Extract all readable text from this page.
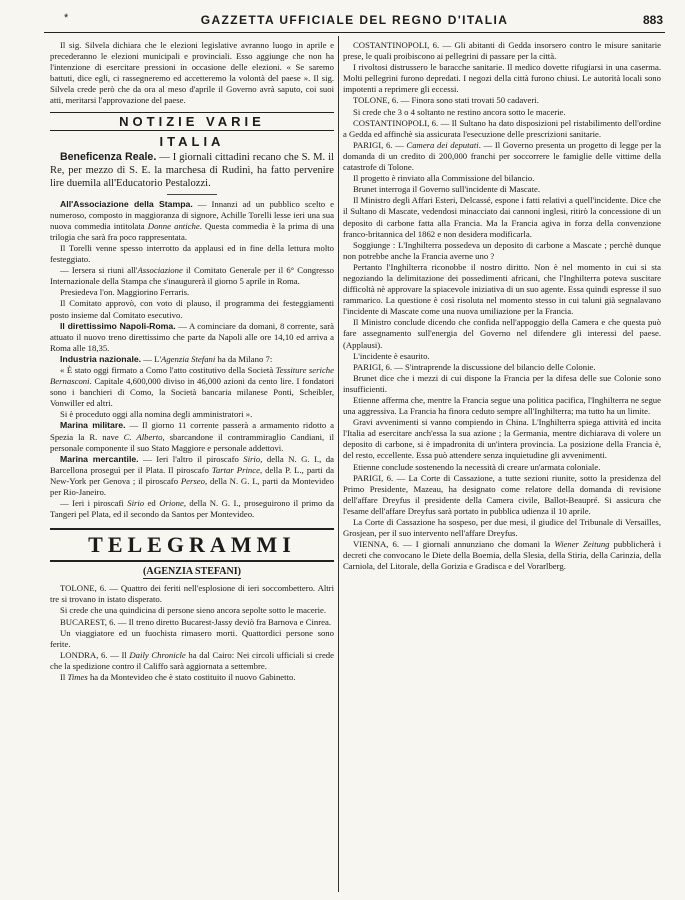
*	GAZZETTA UFFICIALE DEL REGNO D'ITALIA	883

Il sig. Silvela dichiara che le elezioni legislative avranno luogo in aprile e precederanno le elezioni municipali e provinciali. Esso aggiunge che non ha l'intenzione di esercitare pressioni in occasione delle elezioni. « Se saremo battuti, dice egli, ci rassegneremo ed accetteremo la volontà del paese ». Il sig. Silvela crede però che da ora al meso d'aprile il Governo avrà saputo, coi suoi atti, meritarsi l'approvazione del paese.

NOTIZIE VARIE
ITALIA

Beneficenza Reale. — I giornali cittadini recano che S. M. il Re, per mezzo di S. E. la marchesa di Rudinì, ha fatto pervenire lire duemila all'Educatorio Pestalozzi.

All'Associazione della Stampa. — Innanzi ad un pubblico scelto e numeroso, composto in maggioranza di signore, Achille Torelli lesse ieri una sua nuova commedia intitolata Donne antiche. Questa commedia è la prima di una trilogia che sarà fra poco rappresentata.

Il Torelli venne spesso interrotto da applausi ed in fine della lettura molto festeggiato.

— Iersera si riuni all'Associazione il Comitato Generale per il 6° Congresso Internazionale della Stampa che s'inaugurerà il giorno 5 aprile in Roma.

Presiedeva l'on. Maggiorino Ferraris.

Il Comitato approvò, con voto di plauso, il programma dei festeggiamenti posto insieme dal Comitato esecutivo.

Il direttissimo Napoli-Roma. — A cominciare da domani, 8 corrente, sarà attuato il nuovo treno direttissimo che parte da Napoli alle ore 14,10 ed arriva a Roma alle 18,35.

Industria nazionale. — L'Agenzia Stefani ha da Milano 7:

« È stato oggi firmato a Como l'atto costitutivo della Società Tessiture seriche Bernasconi. Capitale 4,600,000 diviso in 46,000 azioni da cento lire. I fondatori sono i banchieri di Como, la Società bancaria milanese Ponti, Scheibler, Vonwiller ed altri.

Si è proceduto oggi alla nomina degli amministratori ».

Marina militare. — Il giorno 11 corrente passerà a armamento ridotto a Spezia la R. nave C. Alberto, sbarcandone il contrammiraglio Candiani, il personale componente il suo Stato Maggiore e personale addettovi.

Marina mercantile. — Ieri l'altro il piroscafo Sirio, della N. G. I., da Barcellona proseguì per il Plata. Il piroscafo Tartar Prince, della P. L., parti da New-York per Genova ; il piroscafo Perseo, della N. G. I., parti da Montevideo per Rio-Janeiro.

— Ieri i piroscafi Sirio ed Orione, della N. G. I., proseguirono il primo da Tangeri pel Plata, ed il secondo da Santos per Montevideo.

TELEGRAMMI
(AGENZIA STEFANI)

TOLONE, 6. — Quattro dei feriti nell'esplosione di ieri soccombettero. Altri tre si trovano in istato disperato.

Si crede che una quindicina di persone sieno ancora sepolte sotto le macerie.

BUCAREST, 6. — Il treno diretto Bucarest-Jassy deviò fra Barnova e Cinrea.

Un viaggiatore ed un fuochista rimasero morti. Quattordici persone sono ferite.

LONDRA, 6. — Il Daily Chronicle ha dal Cairo: Nei circoli ufficiali si crede che la spedizione contro il Califfo sarà aggiornata a settembre.

Il Times ha da Montevideo che è stato costituito il nuovo Gabinetto.

COSTANTINOPOLI, 6. — Gli abitanti di Gedda insorsero contro le misure sanitarie prese, le quali proibiscono ai pellegrini di passare per la città.

I rivoltosi distrussero le baracche sanitarie. Il medico dovette rifugiarsi in una caserma. Molti pellegrini furono depredati. I negozi della città furono chiusi. Le autorità locali sono impotenti a reprimere gli eccessi.

TOLONE, 6. — Finora sono stati trovati 50 cadaveri.

Si crede che 3 o 4 soltanto ne restino ancora sotto le macerie.

COSTANTINOPOLI, 6. — Il Sultano ha dato disposizioni pel ristabilimento dell'ordine a Gedda ed affinchè sia assicurata l'esecuzione delle prescrizioni sanitarie.

PARIGI, 6. — Camera dei deputati. — Il Governo presenta un progetto di legge per la domanda di un credito di 200,000 franchi per soccorrere le famiglie delle vittime della catastrofe di Tolone.

Il progetto è rinviato alla Commissione del bilancio.

Brunet interroga il Governo sull'incidente di Mascate.

Il Ministro degli Affari Esteri, Delcassé, espone i fatti relativi a quell'incidente. Dice che il Sultano di Mascate, vedendosi minacciato dai cannoni inglesi, ritirò la concessione di un deposito di carbone fatta alla Francia. Ma la Francia agiva in forza della convenzione franco-britannica del 1862 e non desidera modificarla.

Soggiunge : L'Inghilterra possedeva un deposito di carbone a Mascate ; perchè dunque non potrebbe anche la Francia averne uno ?

Pertanto l'Inghilterra riconobbe il nostro diritto. Non è nel momento in cui si sta negoziando la delimitazione dei possedimenti africani, che l'Inghilterra poteva suscitare difficoltà nè approvare la spiacevole iniziativa di un suo agente. Essa quindi espresse il suo rammarico. La questione è così risoluta nel momento stesso in cui taluni già segnalavano l'incidente di Mascate come una nuova umiliazione per la Francia.

Il Ministro conclude dicendo che confida nell'appoggio della Camera e che questa può fare assegnamento sull'energia del Governo nel difendere gli interessi del paese. (Applausi).

L'incidente è esaurito.

PARIGI, 6. — S'intraprende la discussione del bilancio delle Colonie.

Brunet dice che i mezzi di cui dispone la Francia per la difesa delle sue Colonie sono insufficienti.

Etienne afferma che, mentre la Francia segue una politica pacifica, l'Inghilterra ne segue una aggressiva. La Francia ha finora ceduto sempre all'Inghilterra; ma tutto ha un limite.

Gravi avvenimenti si vanno compiendo in China. L'Inghilterra spiega attività ed incita l'Italia ad esercitare anch'essa la sua azione ; la Germania, mentre dichiarava di volere un deposito di carbone, si è impadronita di un'intera provincia. La posizione della Francia è, del resto, eccellente. Essa può attendere senza inquietudine gli avvenimenti.

Etienne conclude sostenendo la necessità di creare un'armata coloniale.

PARIGI, 6. — La Corte di Cassazione, a tutte sezioni riunite, sotto la presidenza del Primo Presidente, Mazeau, ha designato come relatore della domanda di revisione dell'affare Dreyfus il presidente della Camera civile, Ballot-Beaupré. Si assicura che l'esame dell'affare Dreyfus sarà portato in pubblica udienza il 10 aprile.

La Corte di Cassazione ha sospeso, per due mesi, il giudice del Tribunale di Versailles, Grosjean, per il suo intervento nell'affare Dreyfus.

VIENNA, 6. — I giornali annunziano che domani la Wiener Zeitung pubblicherà i decreti che convocano le Diete della Boemia, della Slesia, della Stiria, della Carinzia, della Carniola, del Litorale, della Gorizia e Gradisca e del Vorarlberg.
